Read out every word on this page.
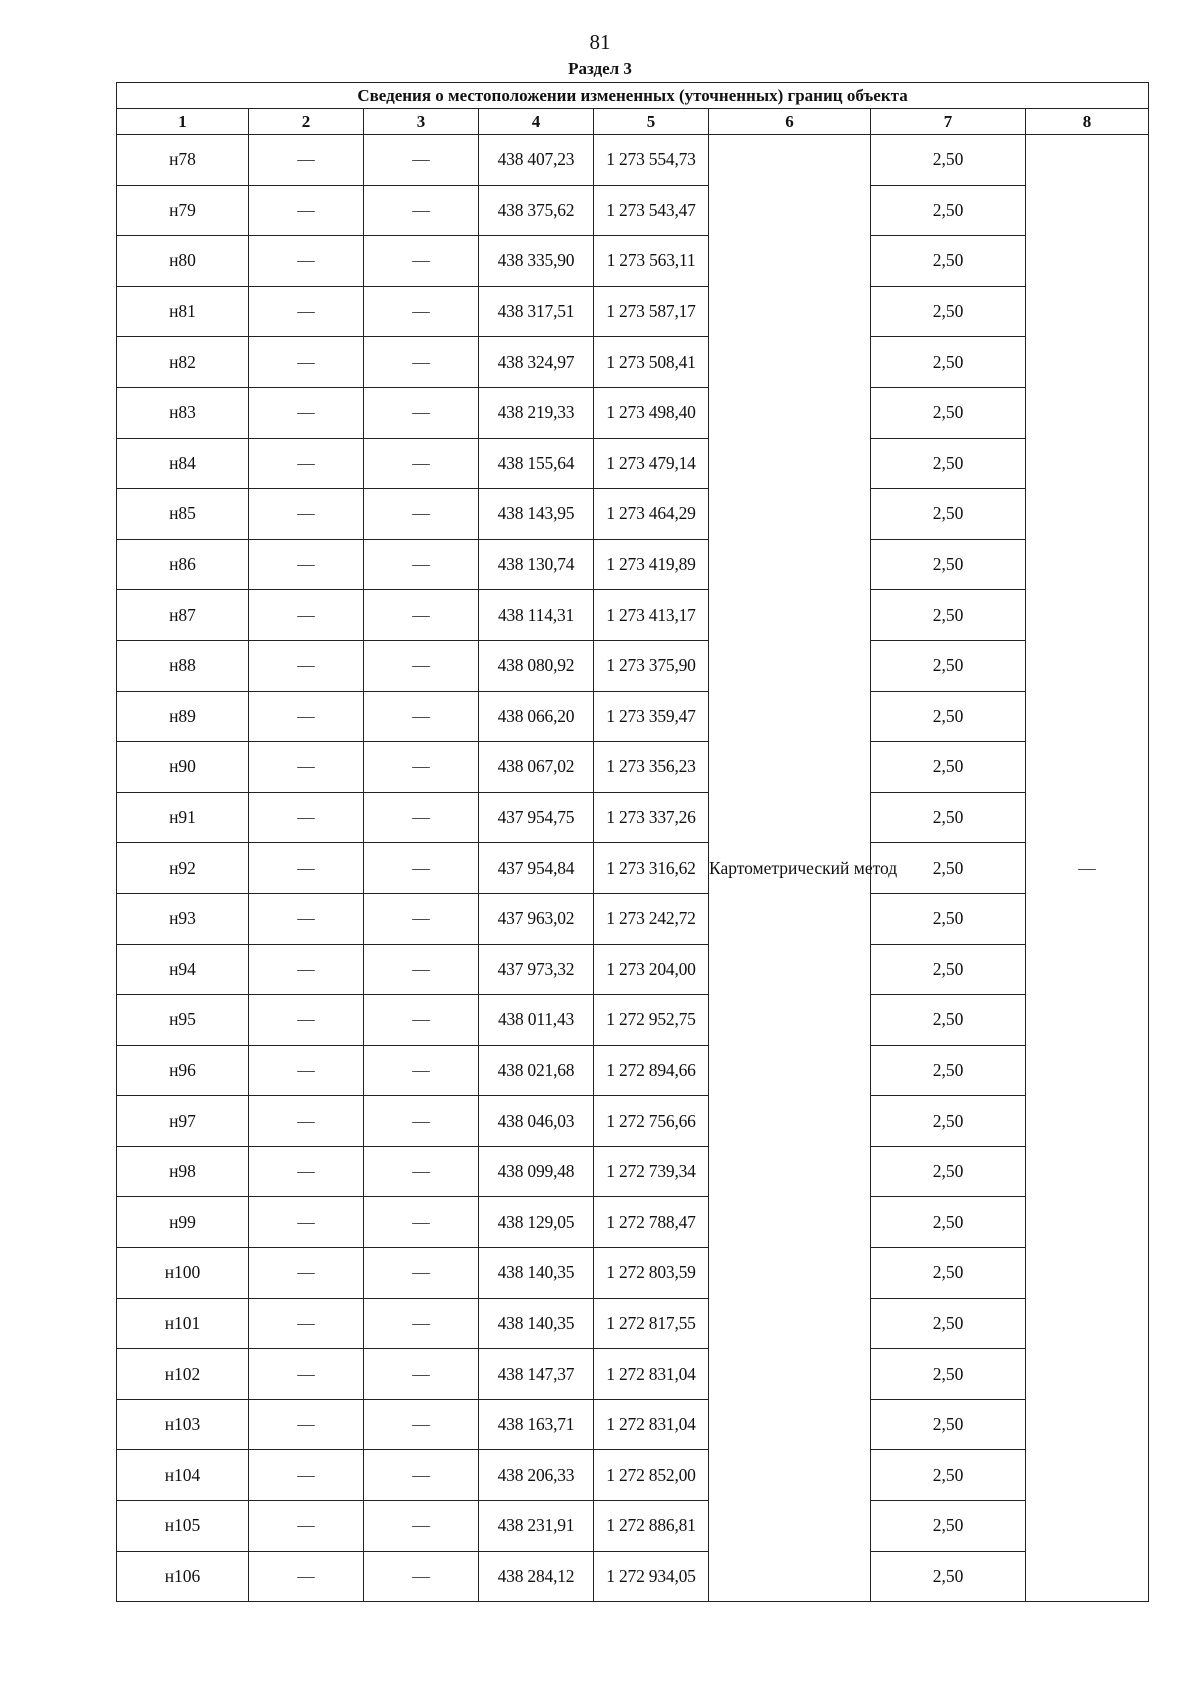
81
Раздел 3
Сведения о местоположении измененных (уточненных) границ объекта							
1	2	3	4	5	6	7	8
н78	—	—	438 407,23	1 273 554,73	Картометрический метод	2,50	—
н79	—	—	438 375,62	1 273 543,47		2,50	
н80	—	—	438 335,90	1 273 563,11		2,50	
н81	—	—	438 317,51	1 273 587,17		2,50	
н82	—	—	438 324,97	1 273 508,41		2,50	
н83	—	—	438 219,33	1 273 498,40		2,50	
н84	—	—	438 155,64	1 273 479,14		2,50	
н85	—	—	438 143,95	1 273 464,29		2,50	
н86	—	—	438 130,74	1 273 419,89		2,50	
н87	—	—	438 114,31	1 273 413,17		2,50	
н88	—	—	438 080,92	1 273 375,90		2,50	
н89	—	—	438 066,20	1 273 359,47		2,50	
н90	—	—	438 067,02	1 273 356,23		2,50	
н91	—	—	437 954,75	1 273 337,26		2,50	
н92	—	—	437 954,84	1 273 316,62		2,50	
н93	—	—	437 963,02	1 273 242,72		2,50	
н94	—	—	437 973,32	1 273 204,00		2,50	
н95	—	—	438 011,43	1 272 952,75		2,50	
н96	—	—	438 021,68	1 272 894,66		2,50	
н97	—	—	438 046,03	1 272 756,66		2,50	
н98	—	—	438 099,48	1 272 739,34		2,50	
н99	—	—	438 129,05	1 272 788,47		2,50	
н100	—	—	438 140,35	1 272 803,59		2,50	
н101	—	—	438 140,35	1 272 817,55		2,50	
н102	—	—	438 147,37	1 272 831,04		2,50	
н103	—	—	438 163,71	1 272 831,04		2,50	
н104	—	—	438 206,33	1 272 852,00		2,50	
н105	—	—	438 231,91	1 272 886,81		2,50	
н106	—	—	438 284,12	1 272 934,05		2,50	
